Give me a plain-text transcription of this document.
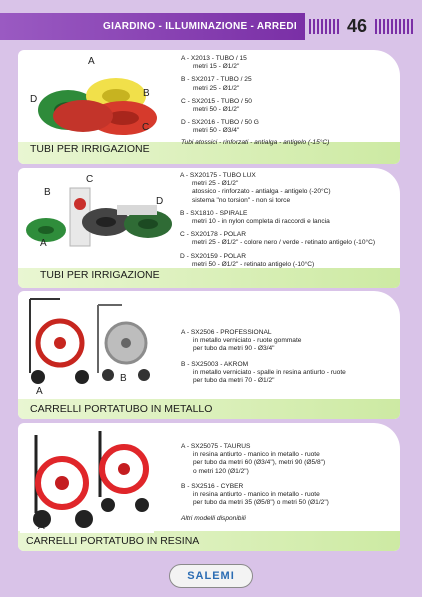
GIARDINO - ILLUMINAZIONE - ARREDI	46
A
B
C
D
TUBI PER IRRIGAZIONE
A - X2013 - TUBO / 15
metri 15 - Ø1/2"
B - SX2017 - TUBO / 25
metri 25 - Ø1/2"
C - SX2015 - TUBO / 50
metri 50 - Ø1/2"
D - SX2016 - TUBO / 50 G
metri 50 - Ø3/4"
Tubi atossici - rinforzati - antialga - antigelo (-15°C)
C
B
D
A
TUBI PER IRRIGAZIONE
A - SX20175 - TUBO LUX
metri 25 - Ø1/2"
atossico - rinforzato - antialga - antigelo (-20°C)
sistema "no torsion" - non si torce
B - SX1810 - SPIRALE
metri 10 - in nylon completa di raccordi e lancia
C - SX20178 - POLAR
metri 25 - Ø1/2" - colore nero / verde - retinato antigelo (-10°C)
D - SX20159 - POLAR
metri 50 - Ø1/2" - retinato antigelo (-10°C)
A
B
CARRELLI PORTATUBO IN METALLO
A - SX2506 - PROFESSIONAL
in metallo verniciato - ruote gommate
per tubo da metri 90 - Ø3/4"
B - SX25003 - AKROM
in metallo verniciato - spalle in resina antiurto - ruote
per tubo da metri 70 - Ø1/2"
A
B
CARRELLI PORTATUBO IN RESINA
A - SX25075 - TAURUS
in resina antiurto - manico in metallo - ruote
per tubo da metri 60 (Ø3/4"), metri 90 (Ø5/8")
o metri 120 (Ø1/2")
B - SX2516 - CYBER
in resina antiurto - manico in metallo - ruote
per tubo da metri 35 (Ø5/8") o metri 50 (Ø1/2")
Altri modelli disponibili
SALEMI
